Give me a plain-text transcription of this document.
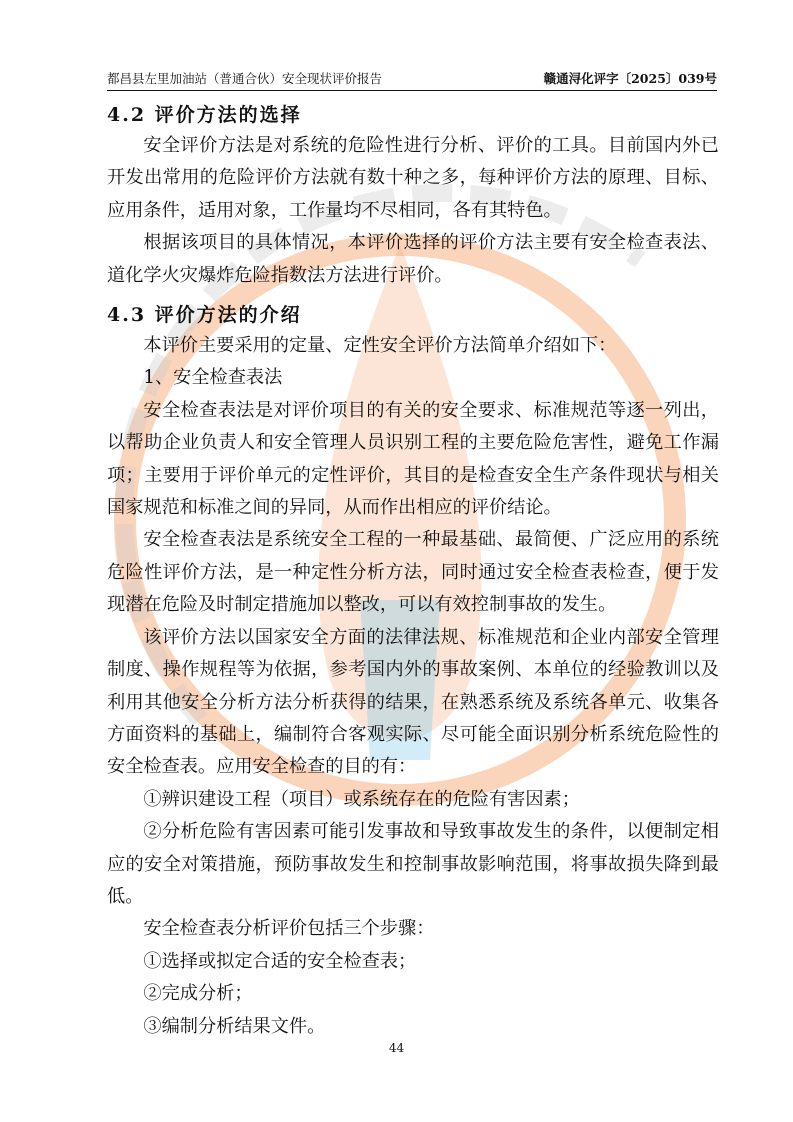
都昌县左里加油站（普通合伙）安全现状评价报告	赣通浔化评字〔2025〕039号
4.2 评价方法的选择

安全评价方法是对系统的危险性进行分析、评价的工具。目前国内外已开发出常用的危险评价方法就有数十种之多，每种评价方法的原理、目标、应用条件，适用对象，工作量均不尽相同，各有其特色。

根据该项目的具体情况，本评价选择的评价方法主要有安全检查表法、道化学火灾爆炸危险指数法方法进行评价。

4.3 评价方法的介绍

本评价主要采用的定量、定性安全评价方法简单介绍如下：

1、安全检查表法

安全检查表法是对评价项目的有关的安全要求、标准规范等逐一列出，以帮助企业负责人和安全管理人员识别工程的主要危险危害性，避免工作漏项；主要用于评价单元的定性评价，其目的是检查安全生产条件现状与相关国家规范和标准之间的异同，从而作出相应的评价结论。

安全检查表法是系统安全工程的一种最基础、最简便、广泛应用的系统危险性评价方法，是一种定性分析方法，同时通过安全检查表检查，便于发现潜在危险及时制定措施加以整改，可以有效控制事故的发生。

该评价方法以国家安全方面的法律法规、标准规范和企业内部安全管理制度、操作规程等为依据，参考国内外的事故案例、本单位的经验教训以及利用其他安全分析方法分析获得的结果，在熟悉系统及系统各单元、收集各方面资料的基础上，编制符合客观实际、尽可能全面识别分析系统危险性的安全检查表。应用安全检查的目的有：

①辨识建设工程（项目）或系统存在的危险有害因素；

②分析危险有害因素可能引发事故和导致事故发生的条件，以便制定相应的安全对策措施，预防事故发生和控制事故影响范围，将事故损失降到最低。

安全检查表分析评价包括三个步骤：

①选择或拟定合适的安全检查表；

②完成分析；

③编制分析结果文件。

44
